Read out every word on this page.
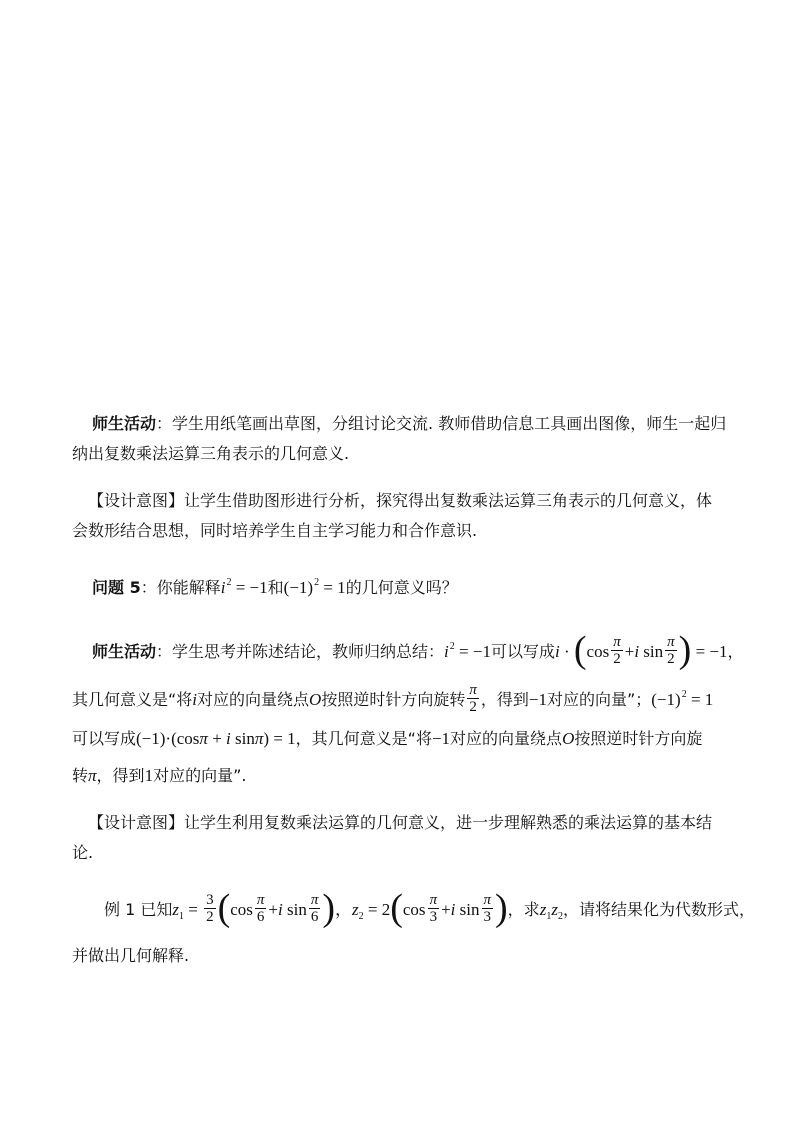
师生活动：学生用纸笔画出草图，分组讨论交流. 教师借助信息工具画出图像，师生一起归
纳出复数乘法运算三角表示的几何意义.
【设计意图】让学生借助图形进行分析，探究得出复数乘法运算三角表示的几何意义，体
会数形结合思想，同时培养学生自主学习能力和合作意识.
问题 5：你能解释$i^2 = -1$和$(-1)^2 = 1$的几何意义吗？
师生活动：学生思考并陈述结论，教师归纳总结：$i^2 = -1$可以写成$i \cdot (\cos \frac{\pi}{2} +i$ $\sin \frac{\pi}{2}$ ) = −1，
其几何意义是“将i对应的向量绕点O按照逆时针方向旋转 $\frac{\pi}{2}$ ，得到−1对应的向量”；$(-1)^2 = 1$
可以写成(−1)·(cosπ + i sinπ) = 1，其几何意义是“将−1对应的向量绕点O按照逆时针方向旋
转π，得到1对应的向量”.
【设计意图】让学生利用复数乘法运算的几何意义，进一步理解熟悉的乘法运算的基本结
论.
例 1 已知$z_1 = \frac{3}{2} (\cos \frac{\pi}{6} +i$ $\sin \frac{\pi}{6}$ )，$z_2 = 2(\cos \frac{\pi}{3} +i$ $\sin \frac{\pi}{3}$ )，求$z_1z_2$，请将结果化为代数形式，
并做出几何解释.
